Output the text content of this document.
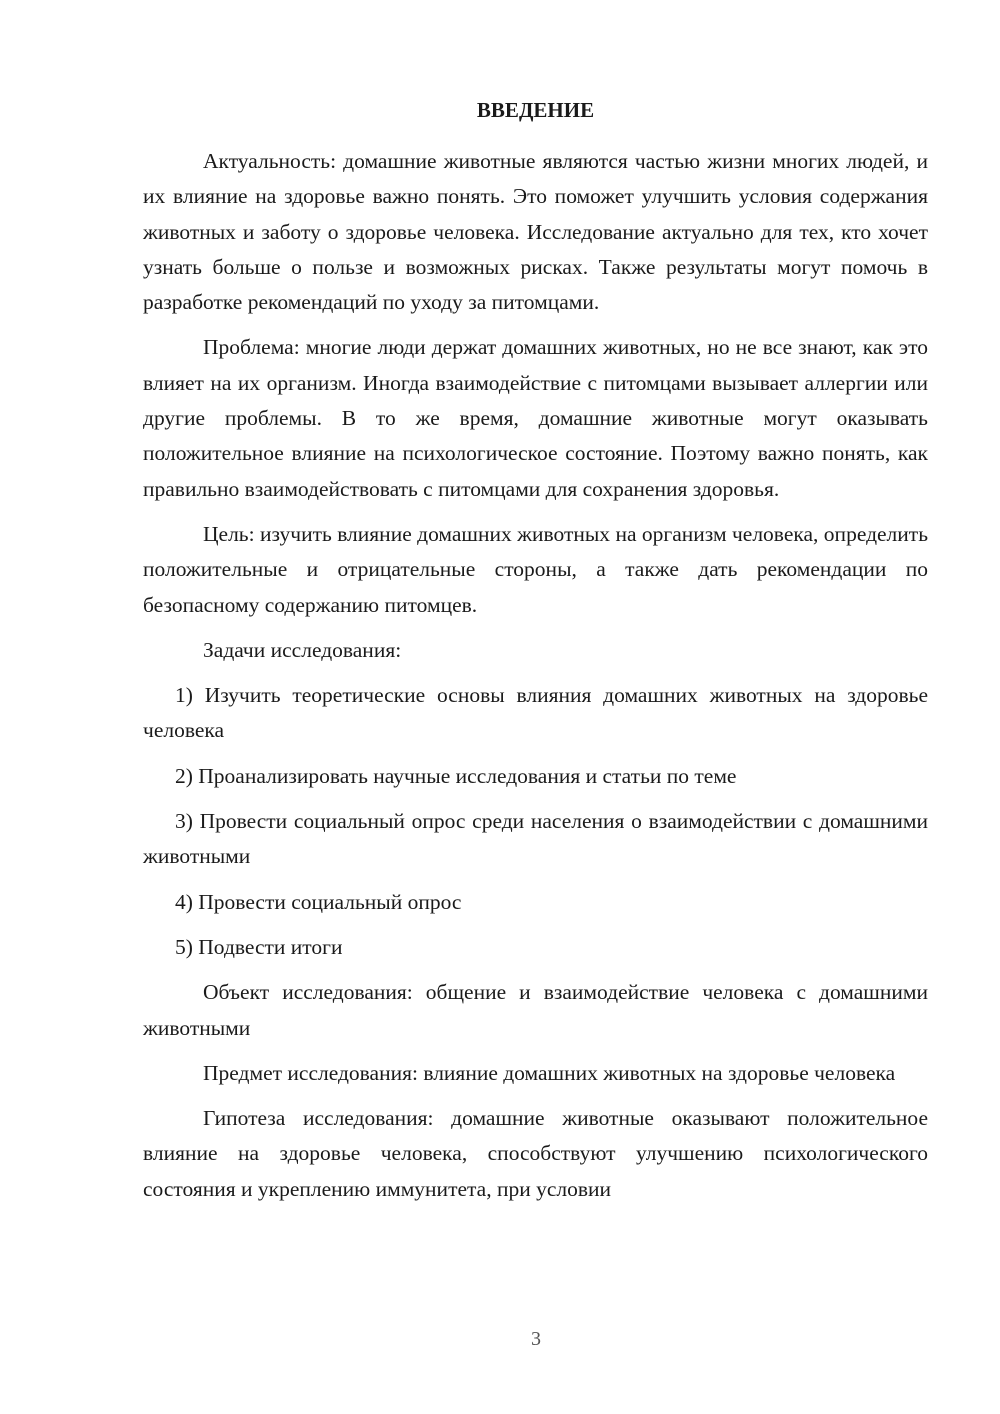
ВВЕДЕНИЕ

Актуальность: домашние животные являются частью жизни многих людей, и их влияние на здоровье важно понять. Это поможет улучшить условия содержания животных и заботу о здоровье человека. Исследование актуально для тех, кто хочет узнать больше о пользе и возможных рисках. Также результаты могут помочь в разработке рекомендаций по уходу за питомцами.

Проблема: многие люди держат домашних животных, но не все знают, как это влияет на их организм. Иногда взаимодействие с питомцами вызывает аллергии или другие проблемы. В то же время, домашние животные могут оказывать положительное влияние на психологическое состояние. Поэтому важно понять, как правильно взаимодействовать с питомцами для сохранения здоровья.

Цель: изучить влияние домашних животных на организм человека, определить положительные и отрицательные стороны, а также дать рекомендации по безопасному содержанию питомцев.

Задачи исследования:

1) Изучить теоретические основы влияния домашних животных на здоровье человека

2) Проанализировать научные исследования и статьи по теме

3) Провести социальный опрос среди населения о взаимодействии с домашними животными

4) Провести социальный опрос

5) Подвести итоги

Объект исследования: общение и взаимодействие человека с домашними животными

Предмет исследования: влияние домашних животных на здоровье человека

Гипотеза исследования: домашние животные оказывают положительное влияние на здоровье человека, способствуют улучшению психологического состояния и укреплению иммунитета, при условии

3
